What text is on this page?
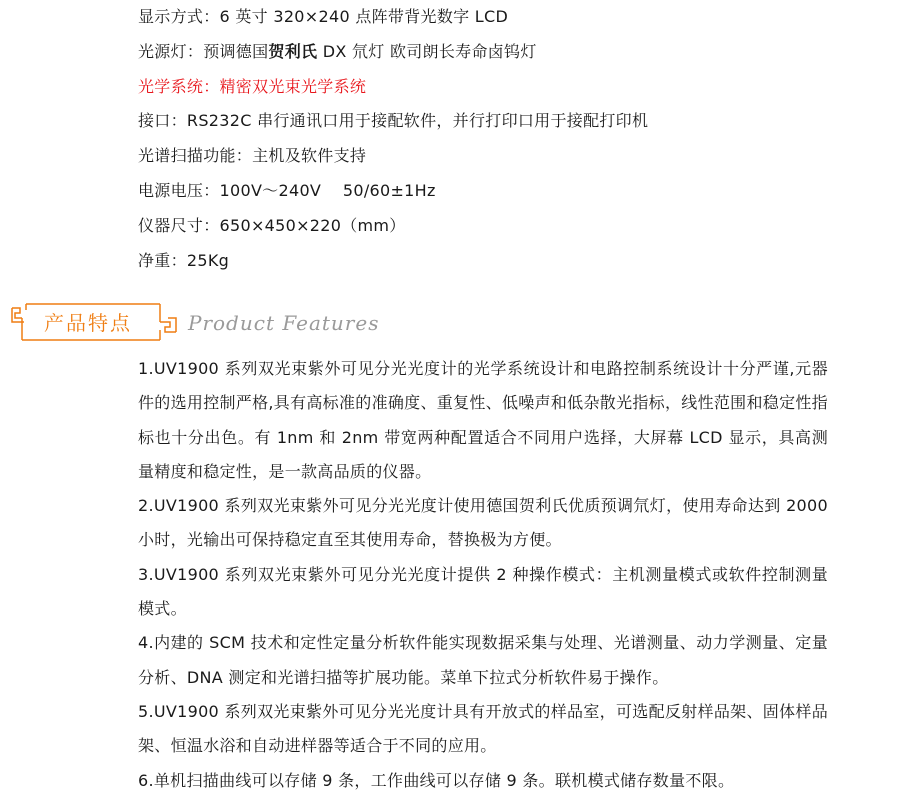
显示方式：6 英寸 320×240 点阵带背光数字 LCD
光源灯：预调德国贺利氏 DX 氘灯 欧司朗长寿命卤钨灯
光学系统：精密双光束光学系统
接口：RS232C 串行通讯口用于接配软件，并行打印口用于接配打印机
光谱扫描功能：主机及软件支持
电源电压：100V～240V　 50/60±1Hz
仪器尺寸：650×450×220（mm）
净重：25Kg
产品特点	Product Features

1.UV1900 系列双光束紫外可见分光光度计的光学系统设计和电路控制系统设计十分严谨,元器件的选用控制严格,具有高标准的准确度、重复性、低噪声和低杂散光指标，线性范围和稳定性指标也十分出色。有 1nm 和 2nm 带宽两种配置适合不同用户选择，大屏幕 LCD 显示，具高测量精度和稳定性，是一款高品质的仪器。

2.UV1900 系列双光束紫外可见分光光度计使用德国贺利氏优质预调氘灯，使用寿命达到 2000 小时，光输出可保持稳定直至其使用寿命，替换极为方便。

3.UV1900 系列双光束紫外可见分光光度计提供 2 种操作模式：主机测量模式或软件控制测量模式。

4.内建的 SCM 技术和定性定量分析软件能实现数据采集与处理、光谱测量、动力学测量、定量分析、DNA 测定和光谱扫描等扩展功能。菜单下拉式分析软件易于操作。

5.UV1900 系列双光束紫外可见分光光度计具有开放式的样品室，可选配反射样品架、固体样品架、恒温水浴和自动进样器等适合于不同的应用。

6.单机扫描曲线可以存储 9 条，工作曲线可以存储 9 条。联机模式储存数量不限。
